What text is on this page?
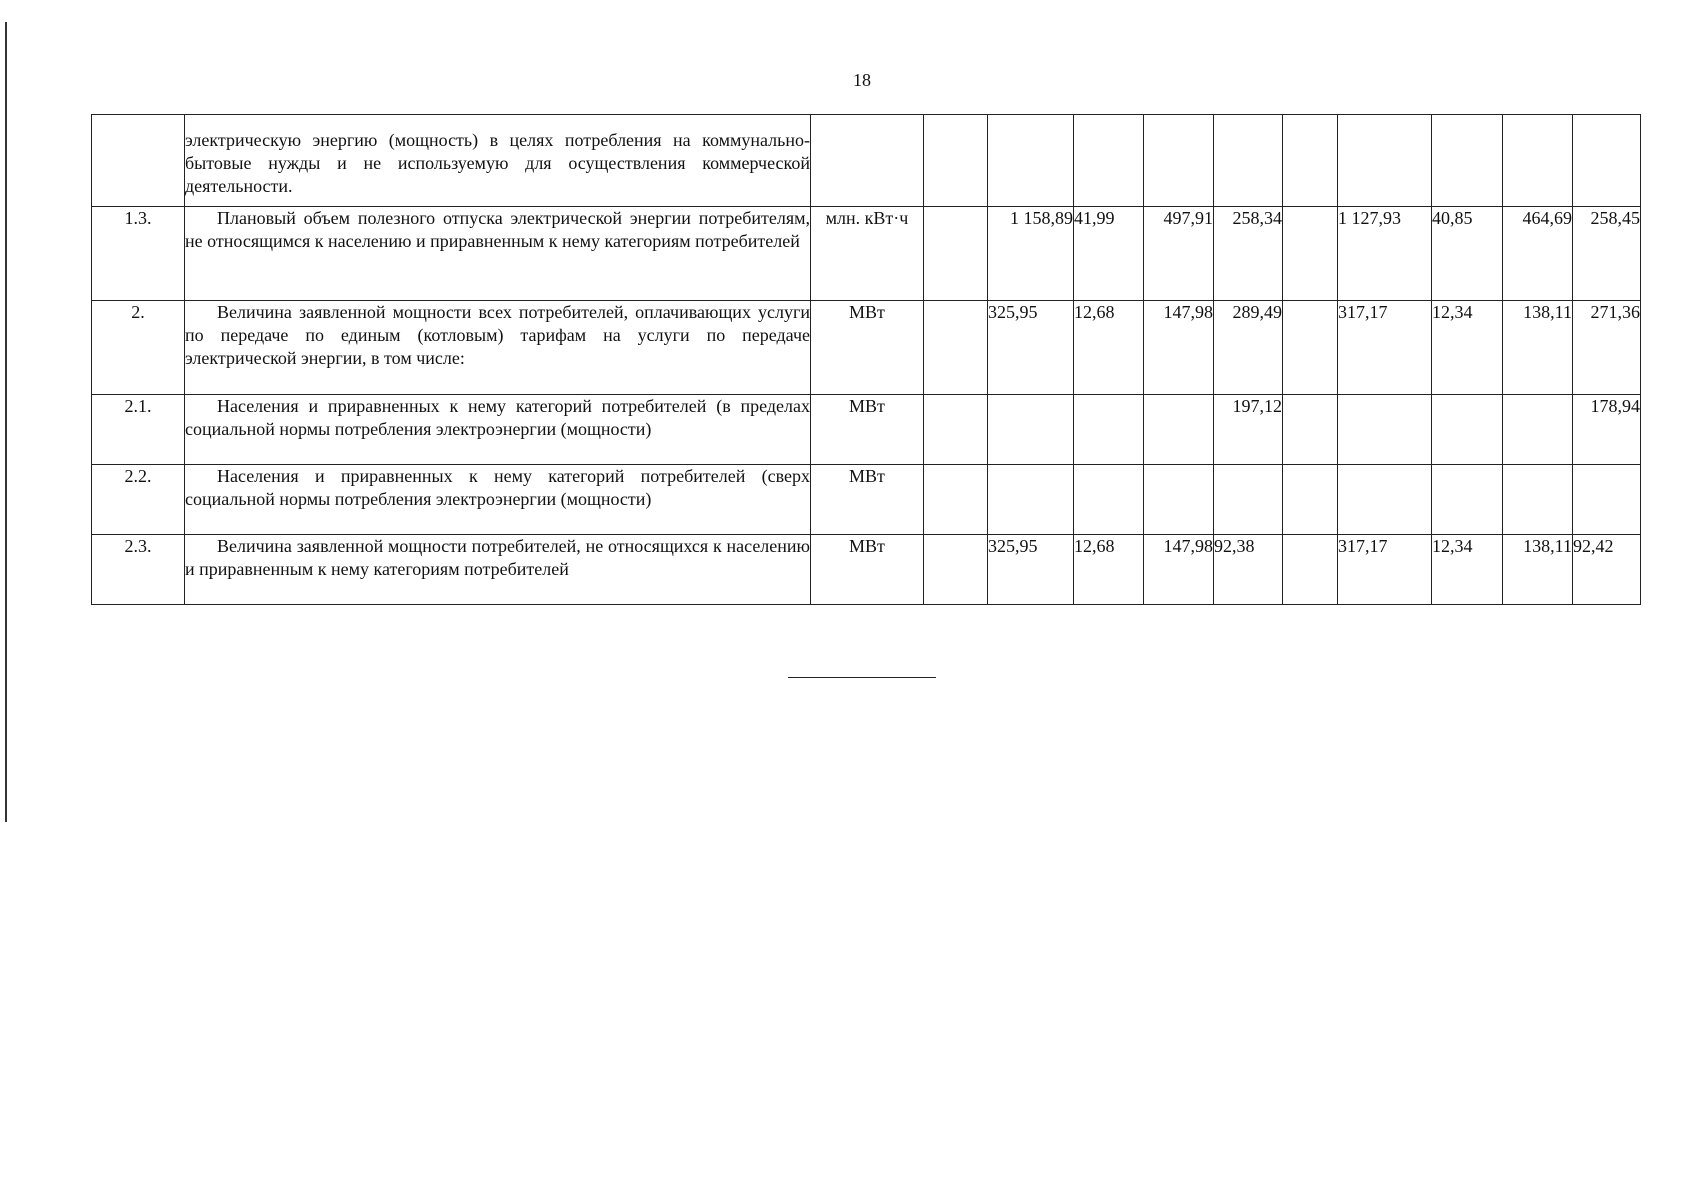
18

	электрическую энергию (мощность) в целях потребления на коммунально-бытовые нужды и не используемую для осуществления коммерческой деятельности.											

1.3.	Плановый объем полезного отпуска электрической энергии потребителям, не относящимся к населению и приравненным к нему категориям потребителей	млн. кВт·ч		1 158,89	41,99	497,91	258,34		1 127,93	40,85	464,69	258,45
2.	Величина заявленной мощности всех потребителей, оплачивающих услуги по передаче по единым (котловым) тарифам на услуги по передаче электрической энергии, в том числе:	МВт		325,95	12,68	147,98	289,49		317,17	12,34	138,11	271,36
2.1.	Населения и приравненных к нему категорий потребителей (в пределах социальной нормы потребления электроэнергии (мощности)	МВт					197,12					178,94
2.2.	Населения и приравненных к нему категорий потребителей (сверх социальной нормы потребления электроэнергии (мощности)	МВт										
2.3.	Величина заявленной мощности потребителей, не относящихся к населению и приравненным к нему категориям потребителей	МВт		325,95	12,68	147,98	92,38		317,17	12,34	138,11	92,42
